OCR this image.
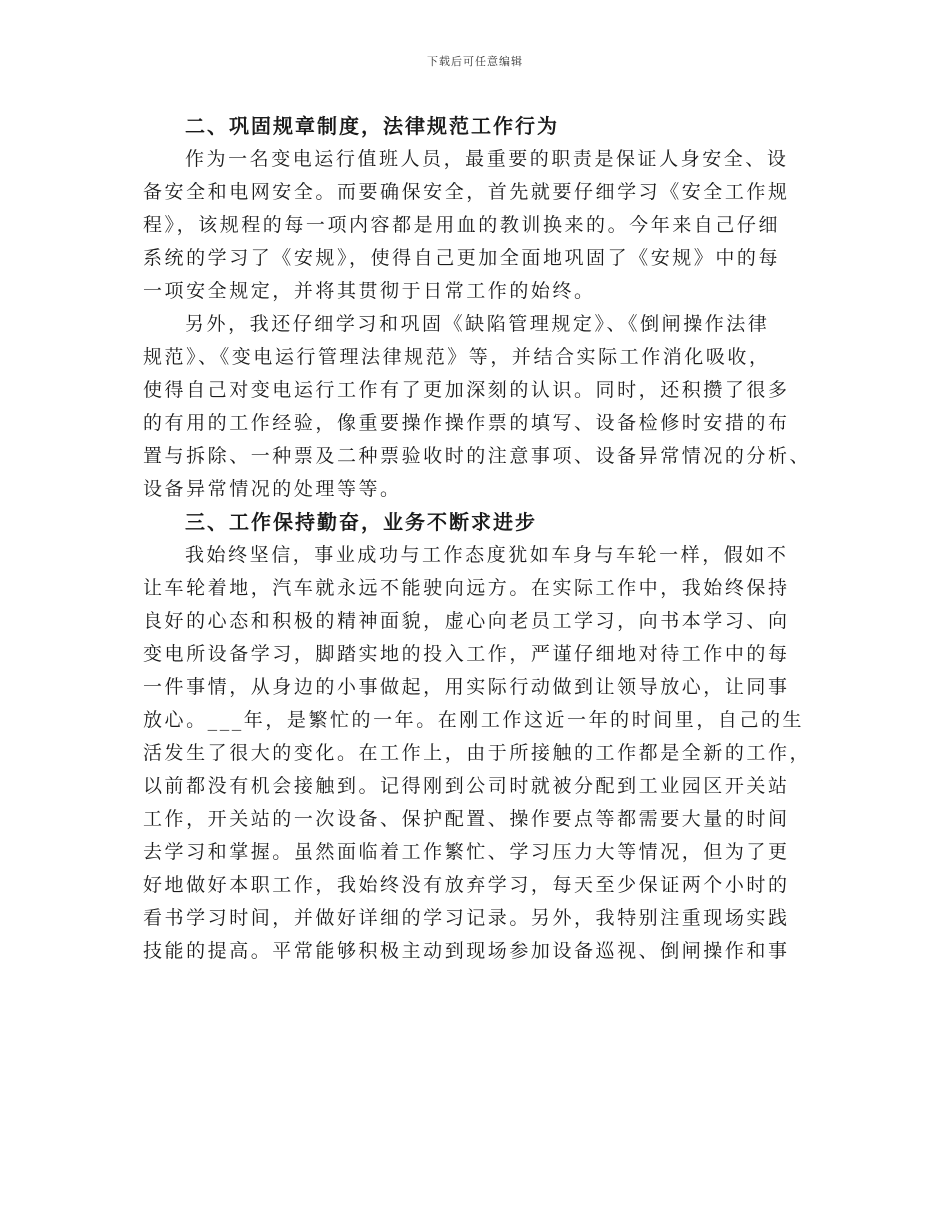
下载后可任意编辑
二、巩固规章制度，法律规范工作行为
作为一名变电运行值班人员，最重要的职责是保证人身安全、设
备安全和电网安全。而要确保安全，首先就要仔细学习《安全工作规
程》，该规程的每一项内容都是用血的教训换来的。今年来自己仔细
系统的学习了《安规》，使得自己更加全面地巩固了《安规》中的每
一项安全规定，并将其贯彻于日常工作的始终。
另外，我还仔细学习和巩固《缺陷管理规定》、《倒闸操作法律
规范》、《变电运行管理法律规范》等，并结合实际工作消化吸收，
使得自己对变电运行工作有了更加深刻的认识。同时，还积攒了很多
的有用的工作经验，像重要操作操作票的填写、设备检修时安措的布
置与拆除、一种票及二种票验收时的注意事项、设备异常情况的分析、
设备异常情况的处理等等。
三、工作保持勤奋，业务不断求进步
我始终坚信，事业成功与工作态度犹如车身与车轮一样，假如不
让车轮着地，汽车就永远不能驶向远方。在实际工作中，我始终保持
良好的心态和积极的精神面貌，虚心向老员工学习，向书本学习、向
变电所设备学习，脚踏实地的投入工作，严谨仔细地对待工作中的每
一件事情，从身边的小事做起，用实际行动做到让领导放心，让同事
放心。___年，是繁忙的一年。在刚工作这近一年的时间里，自己的生
活发生了很大的变化。在工作上，由于所接触的工作都是全新的工作，
以前都没有机会接触到。记得刚到公司时就被分配到工业园区开关站
工作，开关站的一次设备、保护配置、操作要点等都需要大量的时间
去学习和掌握。虽然面临着工作繁忙、学习压力大等情况，但为了更
好地做好本职工作，我始终没有放弃学习，每天至少保证两个小时的
看书学习时间，并做好详细的学习记录。另外，我特别注重现场实践
技能的提高。平常能够积极主动到现场参加设备巡视、倒闸操作和事
